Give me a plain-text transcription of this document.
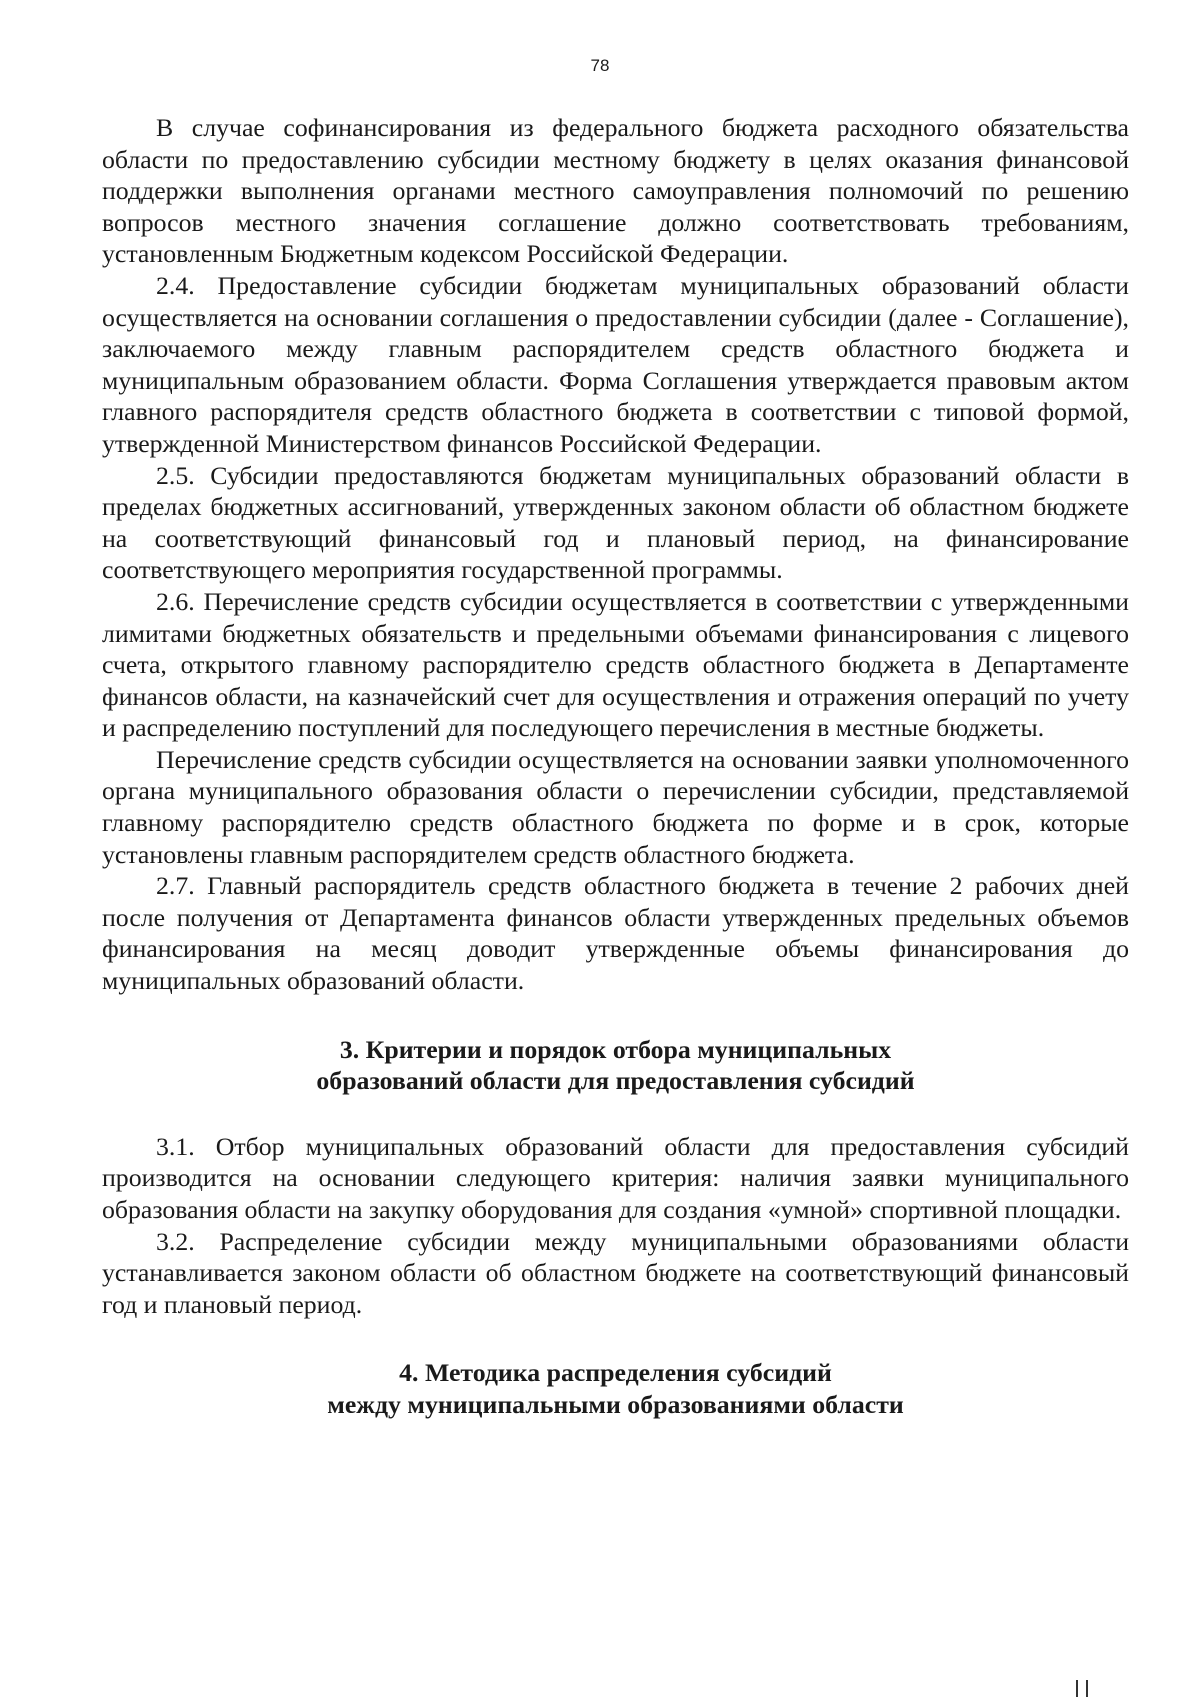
78

В случае софинансирования из федерального бюджета расходного обязательства области по предоставлению субсидии местному бюджету в целях оказания финансовой поддержки выполнения органами местного самоуправления полномочий по решению вопросов местного значения соглашение должно соответствовать требованиям, установленным Бюджетным кодексом Российской Федерации.

2.4. Предоставление субсидии бюджетам муниципальных образований области осуществляется на основании соглашения о предоставлении субсидии (далее - Соглашение), заключаемого между главным распорядителем средств областного бюджета и муниципальным образованием области. Форма Соглашения утверждается правовым актом главного распорядителя средств областного бюджета в соответствии с типовой формой, утвержденной Министерством финансов Российской Федерации.

2.5. Субсидии предоставляются бюджетам муниципальных образований области в пределах бюджетных ассигнований, утвержденных законом области об областном бюджете на соответствующий финансовый год и плановый период, на финансирование соответствующего мероприятия государственной программы.

2.6. Перечисление средств субсидии осуществляется в соответствии с утвержденными лимитами бюджетных обязательств и предельными объемами финансирования с лицевого счета, открытого главному распорядителю средств областного бюджета в Департаменте финансов области, на казначейский счет для осуществления и отражения операций по учету и распределению поступлений для последующего перечисления в местные бюджеты.

Перечисление средств субсидии осуществляется на основании заявки уполномоченного органа муниципального образования области о перечислении субсидии, представляемой главному распорядителю средств областного бюджета по форме и в срок, которые установлены главным распорядителем средств областного бюджета.

2.7. Главный распорядитель средств областного бюджета в течение 2 рабочих дней после получения от Департамента финансов области утвержденных предельных объемов финансирования на месяц доводит утвержденные объемы финансирования до муниципальных образований области.

3. Критерии и порядок отбора муниципальных
образований области для предоставления субсидий

3.1. Отбор муниципальных образований области для предоставления субсидий производится на основании следующего критерия: наличия заявки муниципального образования области на закупку оборудования для создания «умной» спортивной площадки.

3.2. Распределение субсидии между муниципальными образованиями области устанавливается законом области об областном бюджете на соответствующий финансовый год и плановый период.

4. Методика распределения субсидий
между муниципальными образованиями области
